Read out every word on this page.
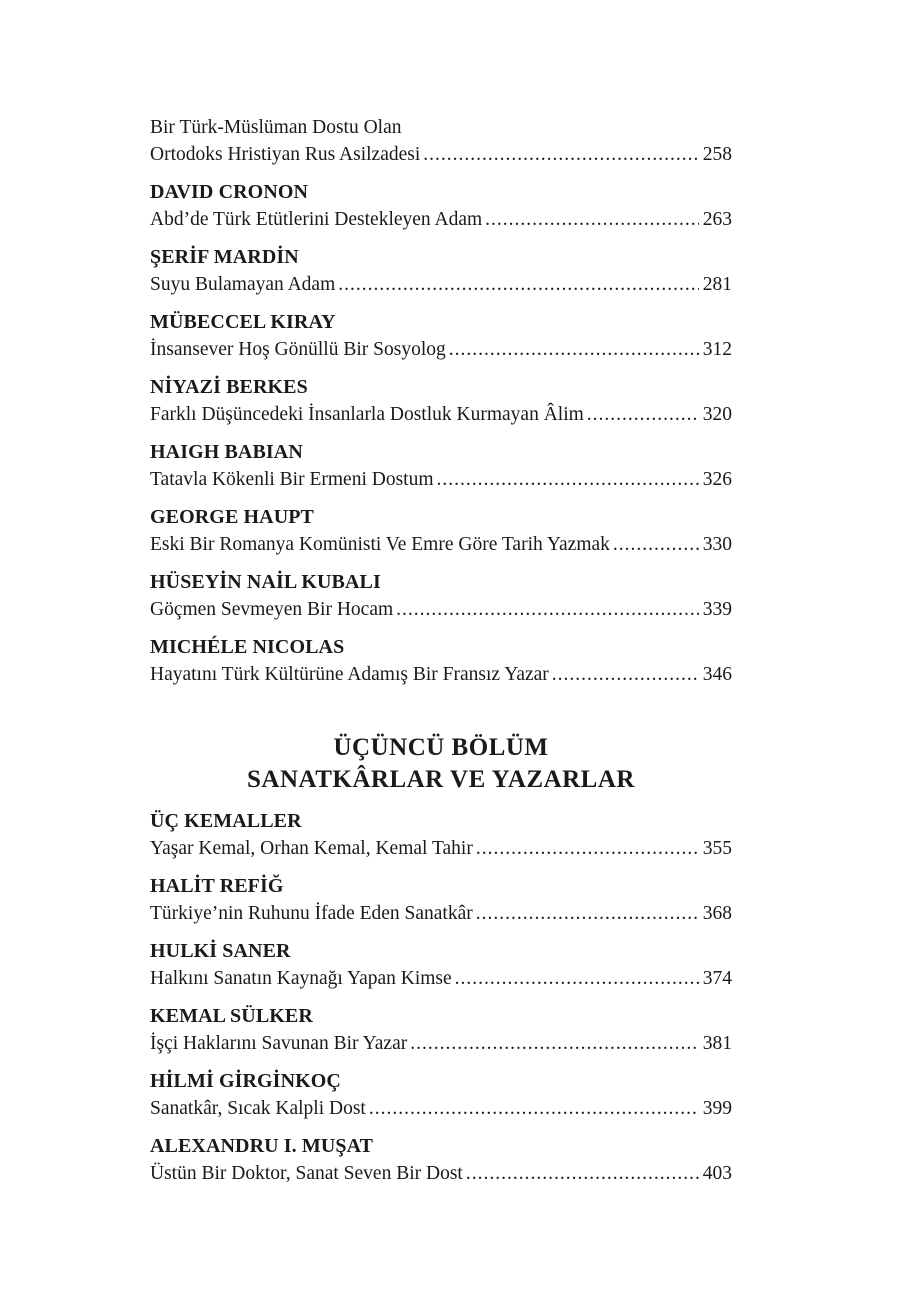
Bir Türk-Müslüman Dostu Olan
Ortodoks Hristiyan Rus Asilzadesi .....	258
DAVID CRONON
Abd’de Türk Etütlerini Destekleyen Adam .....	263
ŞERİF MARDİN
Suyu Bulamayan Adam .....	281
MÜBECCEL KIRAY
İnsansever Hoş Gönüllü Bir Sosyolog .....	312
NİYAZİ BERKES
Farklı Düşüncedeki İnsanlarla Dostluk Kurmayan Âlim .....	320
HAIGH BABIAN
Tatavla Kökenli Bir Ermeni Dostum .....	326
GEORGE HAUPT
Eski Bir Romanya Komünisti Ve Emre Göre Tarih Yazmak .....	330
HÜSEYİN NAİL KUBALI
Göçmen Sevmeyen Bir Hocam .....	339
MICHÉLE NICOLAS
Hayatını Türk Kültürüne Adamış Bir Fransız Yazar .....	346
ÜÇÜNCÜ BÖLÜM
SANATKÂRLAR VE YAZARLAR
ÜÇ KEMALLER
Yaşar Kemal, Orhan Kemal, Kemal Tahir .....	355
HALİT REFİĞ
Türkiye’nin Ruhunu İfade Eden Sanatkâr .....	368
HULKİ SANER
Halkını Sanatın Kaynağı Yapan Kimse .....	374
KEMAL SÜLKER
İşçi Haklarını Savunan Bir Yazar .....	381
HİLMİ GİRGİNKOÇ
Sanatkâr, Sıcak Kalpli Dost .....	399
ALEXANDRU I. MUŞAT
Üstün Bir Doktor, Sanat Seven Bir Dost .....	403
